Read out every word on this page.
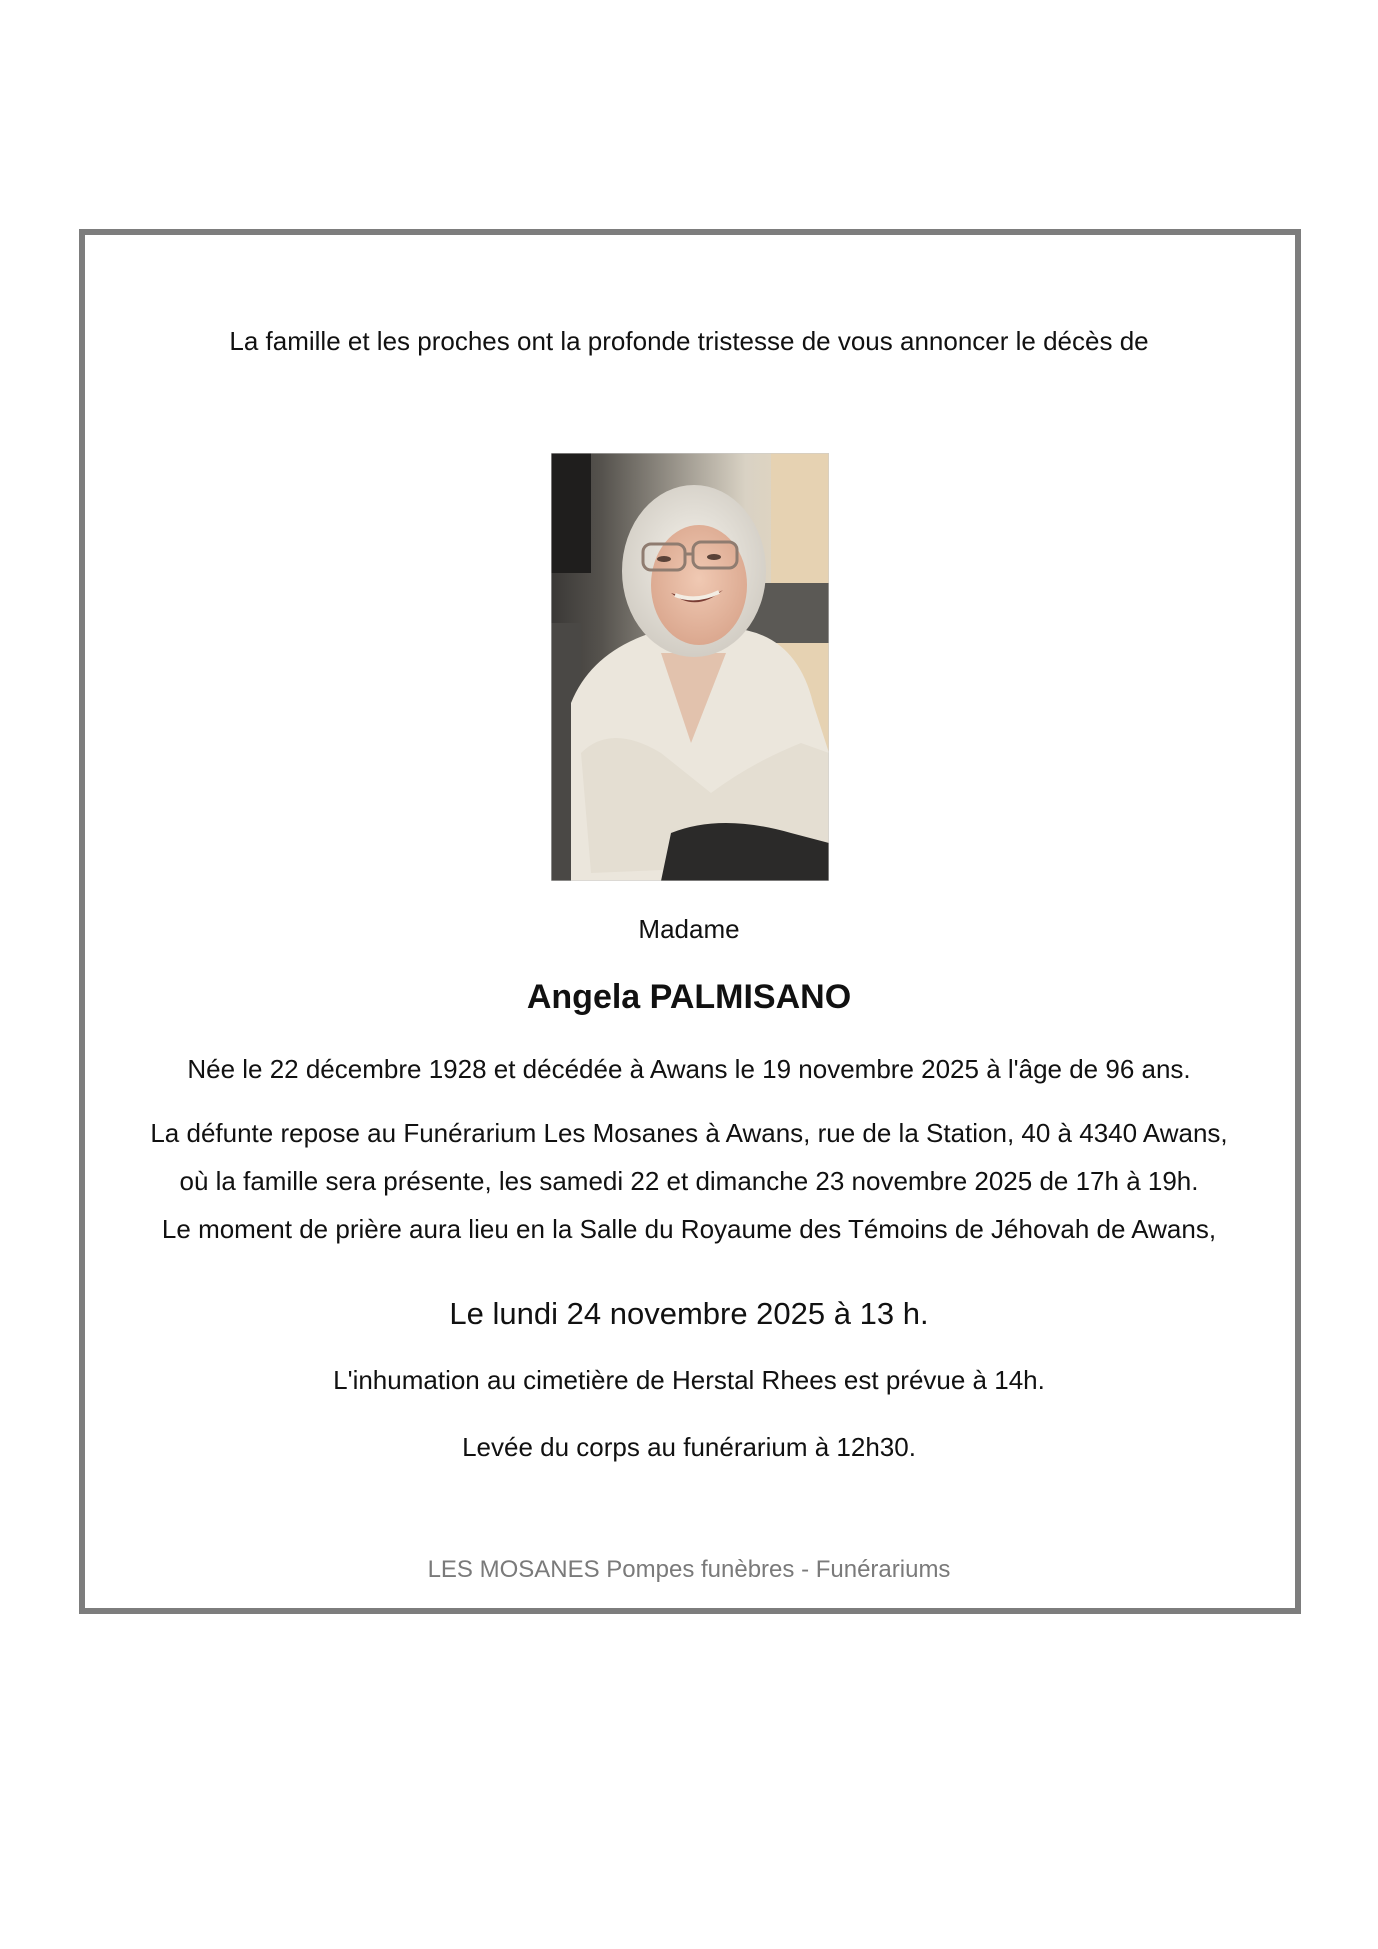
La famille et les proches ont la profonde tristesse de vous annoncer le décès de
Madame
Angela PALMISANO
Née le 22 décembre 1928 et décédée à Awans le 19 novembre 2025 à l'âge de 96 ans.
La défunte repose au Funérarium Les Mosanes à Awans, rue de la Station, 40 à 4340 Awans,
où la famille sera présente, les samedi 22 et dimanche 23 novembre 2025 de 17h à 19h.
Le moment de prière aura lieu en la Salle du Royaume des Témoins de Jéhovah de Awans,
Le lundi 24 novembre 2025 à 13 h.
L'inhumation au cimetière de Herstal Rhees est prévue à 14h.
Levée du corps au funérarium à 12h30.
LES MOSANES Pompes funèbres - Funérariums
